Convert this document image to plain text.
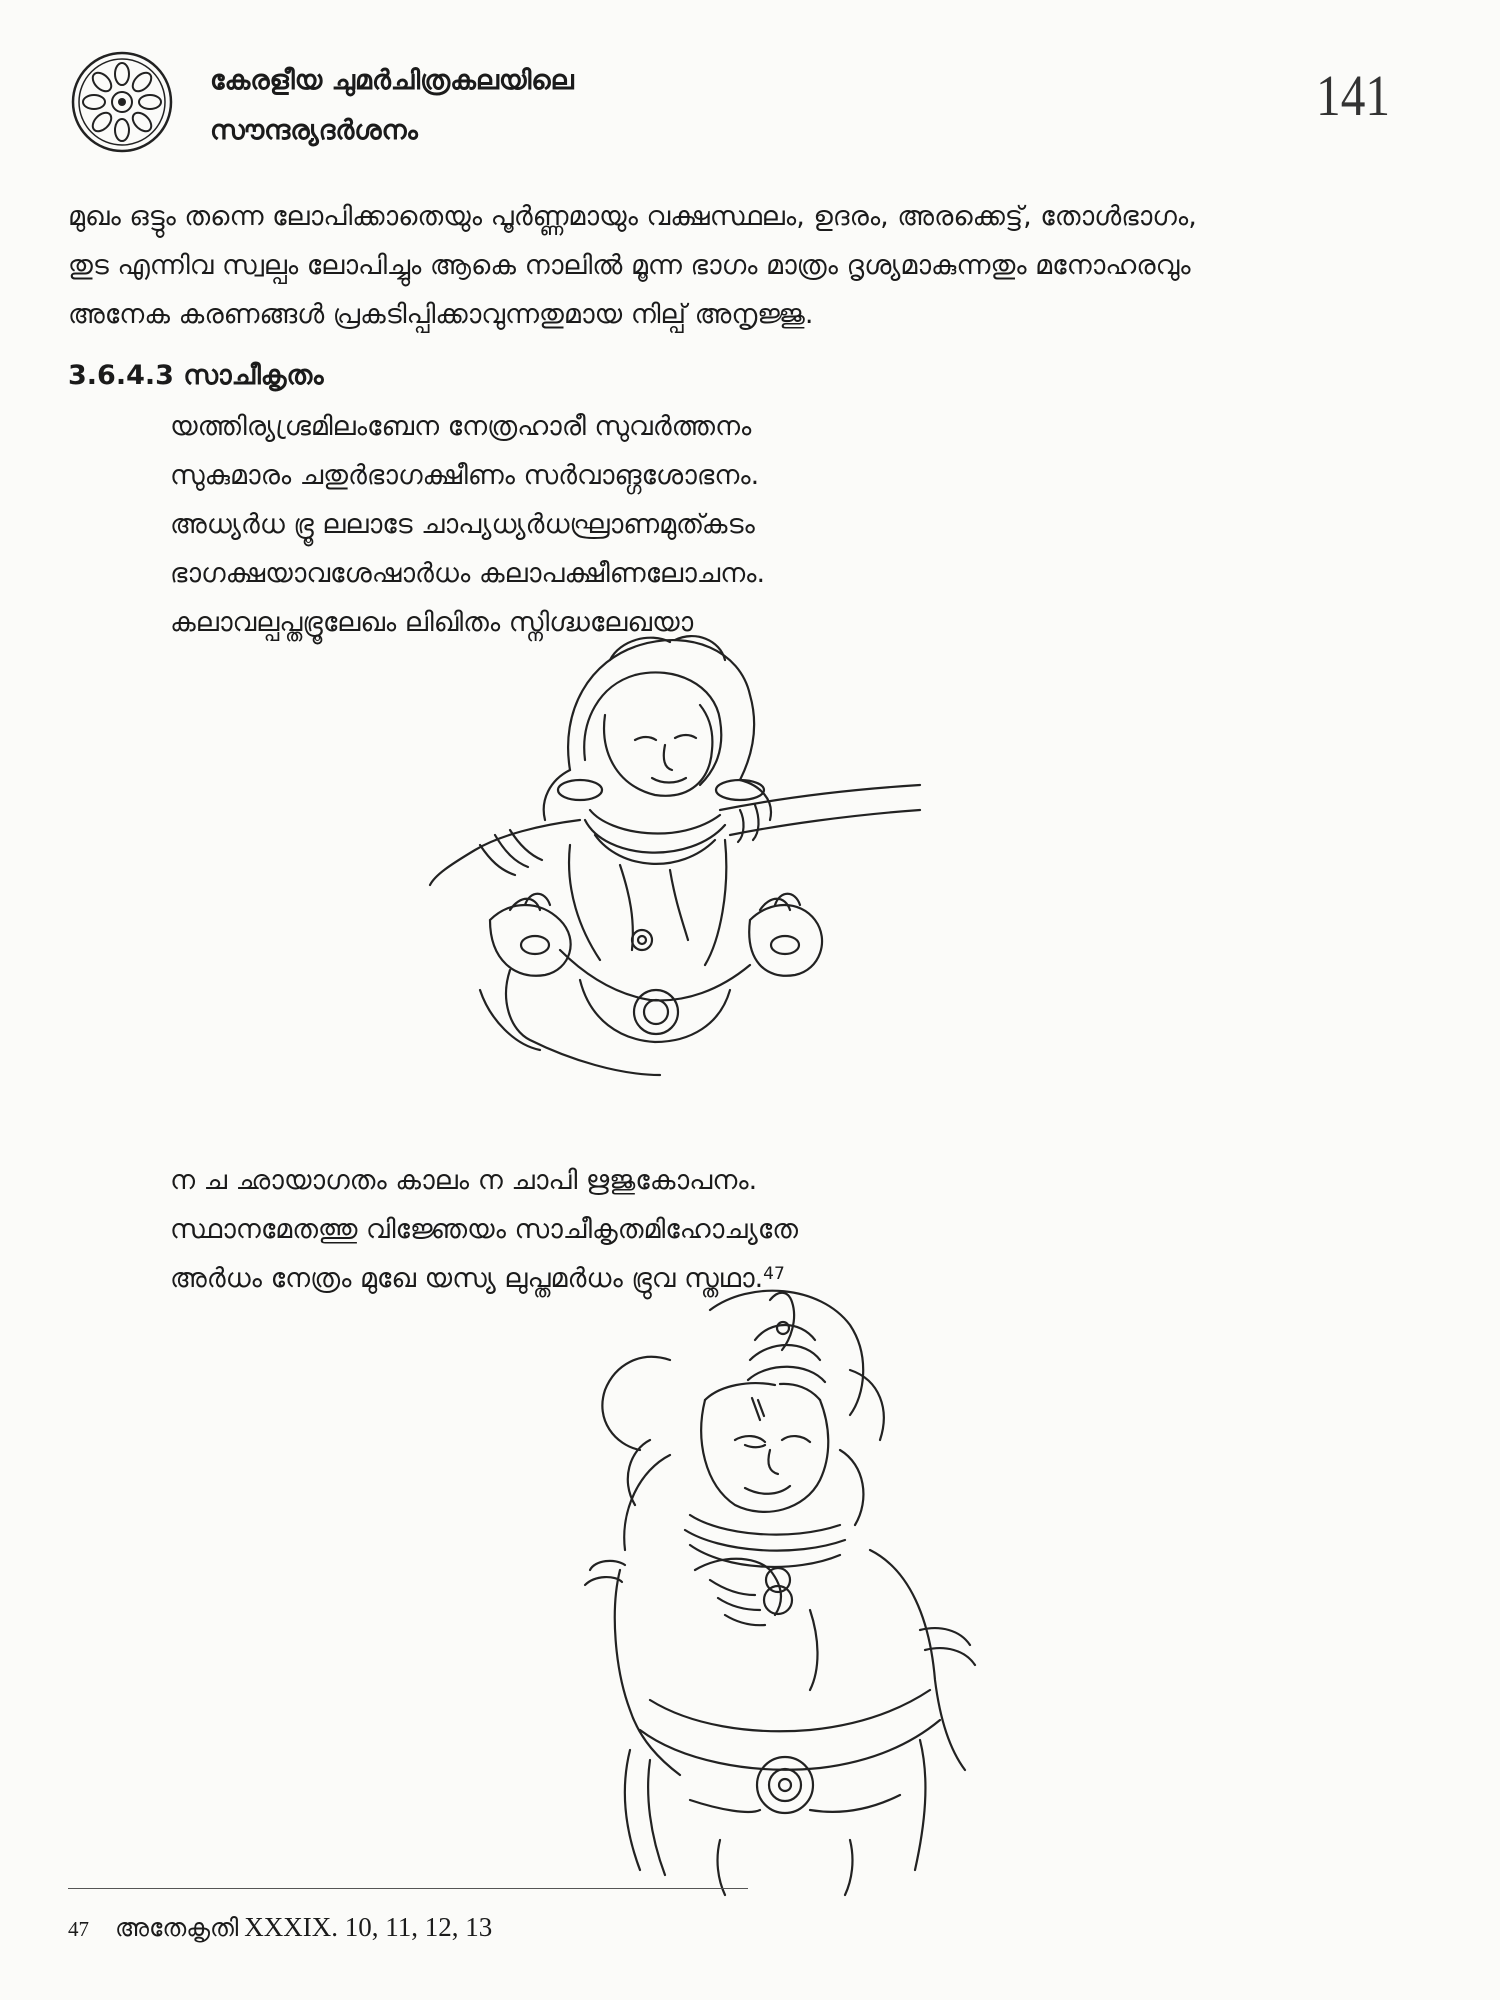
കേരളീയ ചുമർചിത്രകലയിലെ
സൗന്ദര്യദർശനം
141
മുഖം ഒട്ടും തന്നെ ലോപിക്കാതെയും പൂർണ്ണമായും വക്ഷസ്ഥലം, ഉദരം, അരക്കെട്ട്, തോൾഭാഗം,
തുട എന്നിവ സ്വല്പം ലോപിച്ചും ആകെ നാലിൽ മൂന്ന ഭാഗം മാത്രം ദൃശ്യമാകുന്നതും മനോഹരവും
അനേക കരണങ്ങൾ പ്രകടിപ്പിക്കാവുന്നതുമായ നില്പ് അനൃജ്ജു.
3.6.4.3 സാചീകൃതം
യത്തിര്യഗ്ഭ്രമിലംബേന നേത്രഹാരീ സുവർത്തനം
സുകുമാരം ചതുർഭാഗക്ഷീണം സർവാങ്ഗശോഭനം.
അധ്യർധ ഭ്രൂ ലലാടേ ചാപ്യധ്യർധഘ്രാണമുത്കടം
ഭാഗക്ഷയാവശേഷാർധം കലാപക്ഷീണലോചനം.
കലാവല്പപ്തഭ്രൂലേഖം ലിഖിതം സ്നിഗ്ദ്ധലേഖയാ
ന ച ഛായാഗതം കാലം ന ചാപി ഋജുകോപനം.
സ്ഥാനമേതത്തു വിജ്ഞേയം സാചീകൃതമിഹോച്യതേ
അർധം നേത്രം മുഖേ യസ്യ ലുപ്തമർധം ഭ്രുവ സ്തഥാ.$^{47}$
47 അതേകൃതി XXXIX. 10, 11, 12, 13
